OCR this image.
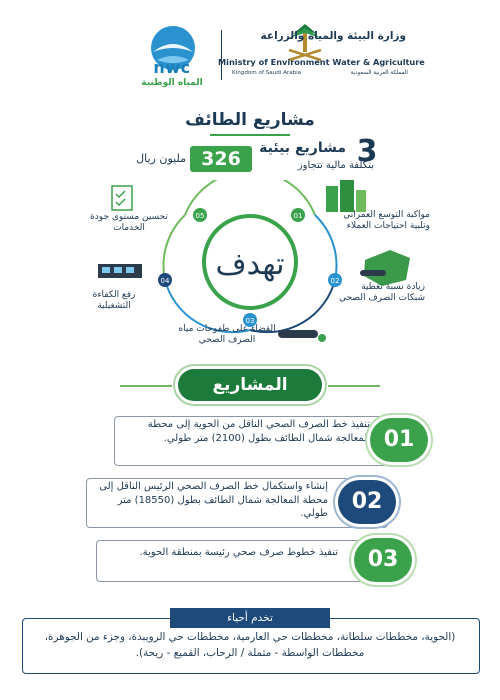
nwc
المياه الوطنية
وزارة البيئة والمياه والزراعة
Ministry of Environment Water & Agriculture
Kingdom of Saudi Arabia	المملكة العربية السعودية
مشاريع الطائف
3
مشاريع بيئية
بتكلفة مالية تتجاوز
326
مليون ريال
تهدف
01
02
03
04
05	مواكبة التوسع العمراني وتلبية احتياجات العملاء
زيادة نسبة تغطية شبكات الصرف الصحي
القضاء على طفوحات مياه الصرف الصحي
رفع الكفاءة التشغيلية
تحسين مستوى جودة الخدمات
المشاريع
تنفيذ خط الصرف الصحي الناقل من الحوية إلى محطة المعالجة شمال الطائف بطول (2100) متر طولي. 01
إنشاء واستكمال خط الصرف الصحي الرئيس الناقل إلى محطة المعالجة شمال الطائف بطول (18550) متر طولي.	02
تنفيذ خطوط صرف صحي رئيسة بمنطقة الحوية.	03
تخدم أحياء
(الحوية، مخططات سلطانة، مخططات حي العارمية، مخططات حي الرويبدة، وجزء من الجوهرة، مخططات الواسطة - مثملة / الرحاب، القميع - ريحة).
